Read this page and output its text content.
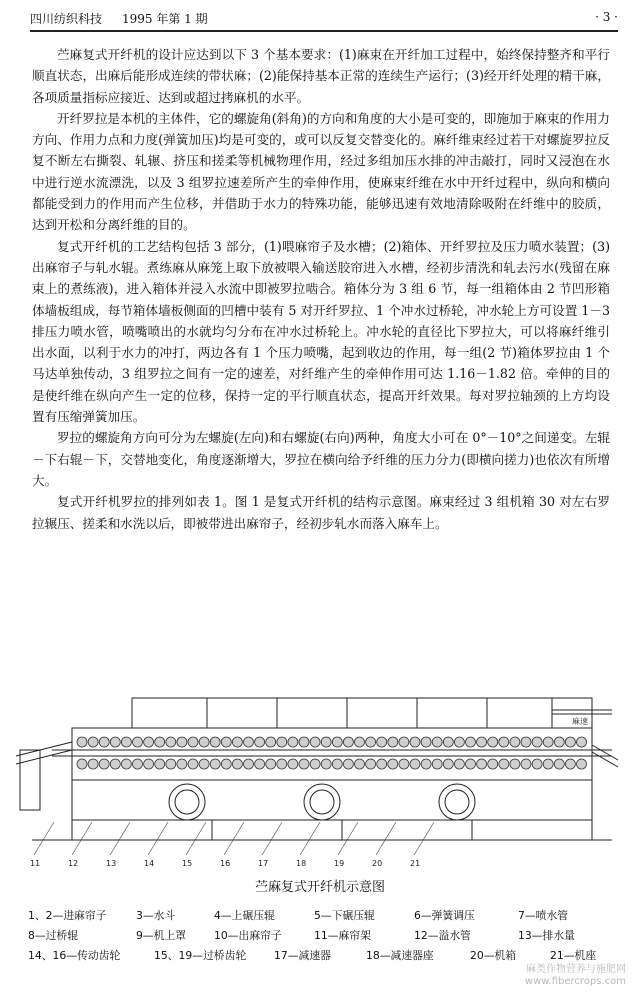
四川纺织科技 1995 年第 1 期	· 3 ·

苎麻复式开纤机的设计应达到以下 3 个基本要求：(1)麻束在开纤加工过程中，始终保持整齐和平行顺直状态，出麻后能形成连续的带状麻；(2)能保持基本正常的连续生产运行；(3)经开纤处理的精干麻，各项质量指标应接近、达到或超过拷麻机的水平。

开纤罗拉是本机的主体件，它的螺旋角(斜角)的方向和角度的大小是可变的，即施加于麻束的作用力方向、作用力点和力度(弹簧加压)均是可变的，或可以反复交替变化的。麻纤维束经过若干对螺旋罗拉反复不断左右撕裂、轧辗、挤压和搓柔等机械物理作用，经过多组加压水排的冲击敲打，同时又浸泡在水中进行逆水流漂洗，以及 3 组罗拉速差所产生的牵伸作用，使麻束纤维在水中开纤过程中，纵向和横向都能受到力的作用而产生位移，并借助于水力的特殊功能，能够迅速有效地清除吸附在纤维中的胶质，达到开松和分离纤维的目的。

复式开纤机的工艺结构包括 3 部分，(1)喂麻帘子及水槽；(2)箱体、开纤罗拉及压力喷水装置；(3)出麻帘子与轧水辊。煮练麻从麻笼上取下放被喂入输送胶帘进入水槽，经初步清洗和轧去污水(残留在麻束上的煮练液)，进入箱体并浸入水流中即被罗拉啮合。箱体分为 3 组 6 节，每一组箱体由 2 节凹形箱体墙板组成，每节箱体墙板侧面的凹槽中装有 5 对开纤罗拉、1 个冲水过桥轮，冲水轮上方可设置 1－3 排压力喷水管，喷嘴喷出的水就均匀分布在冲水过桥轮上。冲水轮的直径比下罗拉大，可以将麻纤维引出水面，以利于水力的冲打，两边各有 1 个压力喷嘴，起到收边的作用，每一组(2 节)箱体罗拉由 1 个马达单独传动，3 组罗拉之间有一定的速差，对纤维产生的牵伸作用可达 1.16－1.82 倍。牵伸的目的是使纤维在纵向产生一定的位移，保持一定的平行顺直状态，提高开纤效果。每对罗拉轴颈的上方均设置有压缩弹簧加压。

罗拉的螺旋角方向可分为左螺旋(左向)和右螺旋(右向)两种，角度大小可在 0°－10°之间递变。左辊－下右辊－下，交替地变化，角度逐渐增大，罗拉在横向给予纤维的压力分力(即横向搓力)也依次有所增大。

复式开纤机罗拉的排列如表 1。图 1 是复式开纤机的结构示意图。麻束经过 3 组机箱 30 对左右罗拉辗压、搓柔和水洗以后，即被带进出麻帘子，经初步轧水而落入麻车上。

11	12	13	14	15	16	17	18	19	20	21
麻速
苎麻复式开纤机示意图
1、2—进麻帘子	3—水斗	4—上碾压辊	5—下碾压辊	6—弹簧调压	7—喷水管
8—过桥辊	9—机上罩	10—出麻帘子	11—麻帘架	12—溢水管	13—排水量
14、16—传动齿轮	15、19—过桥齿轮	17—减速器	18—减速器座	20—机箱	21—机座
麻类作物营养与施肥网
www.fibercrops.com
